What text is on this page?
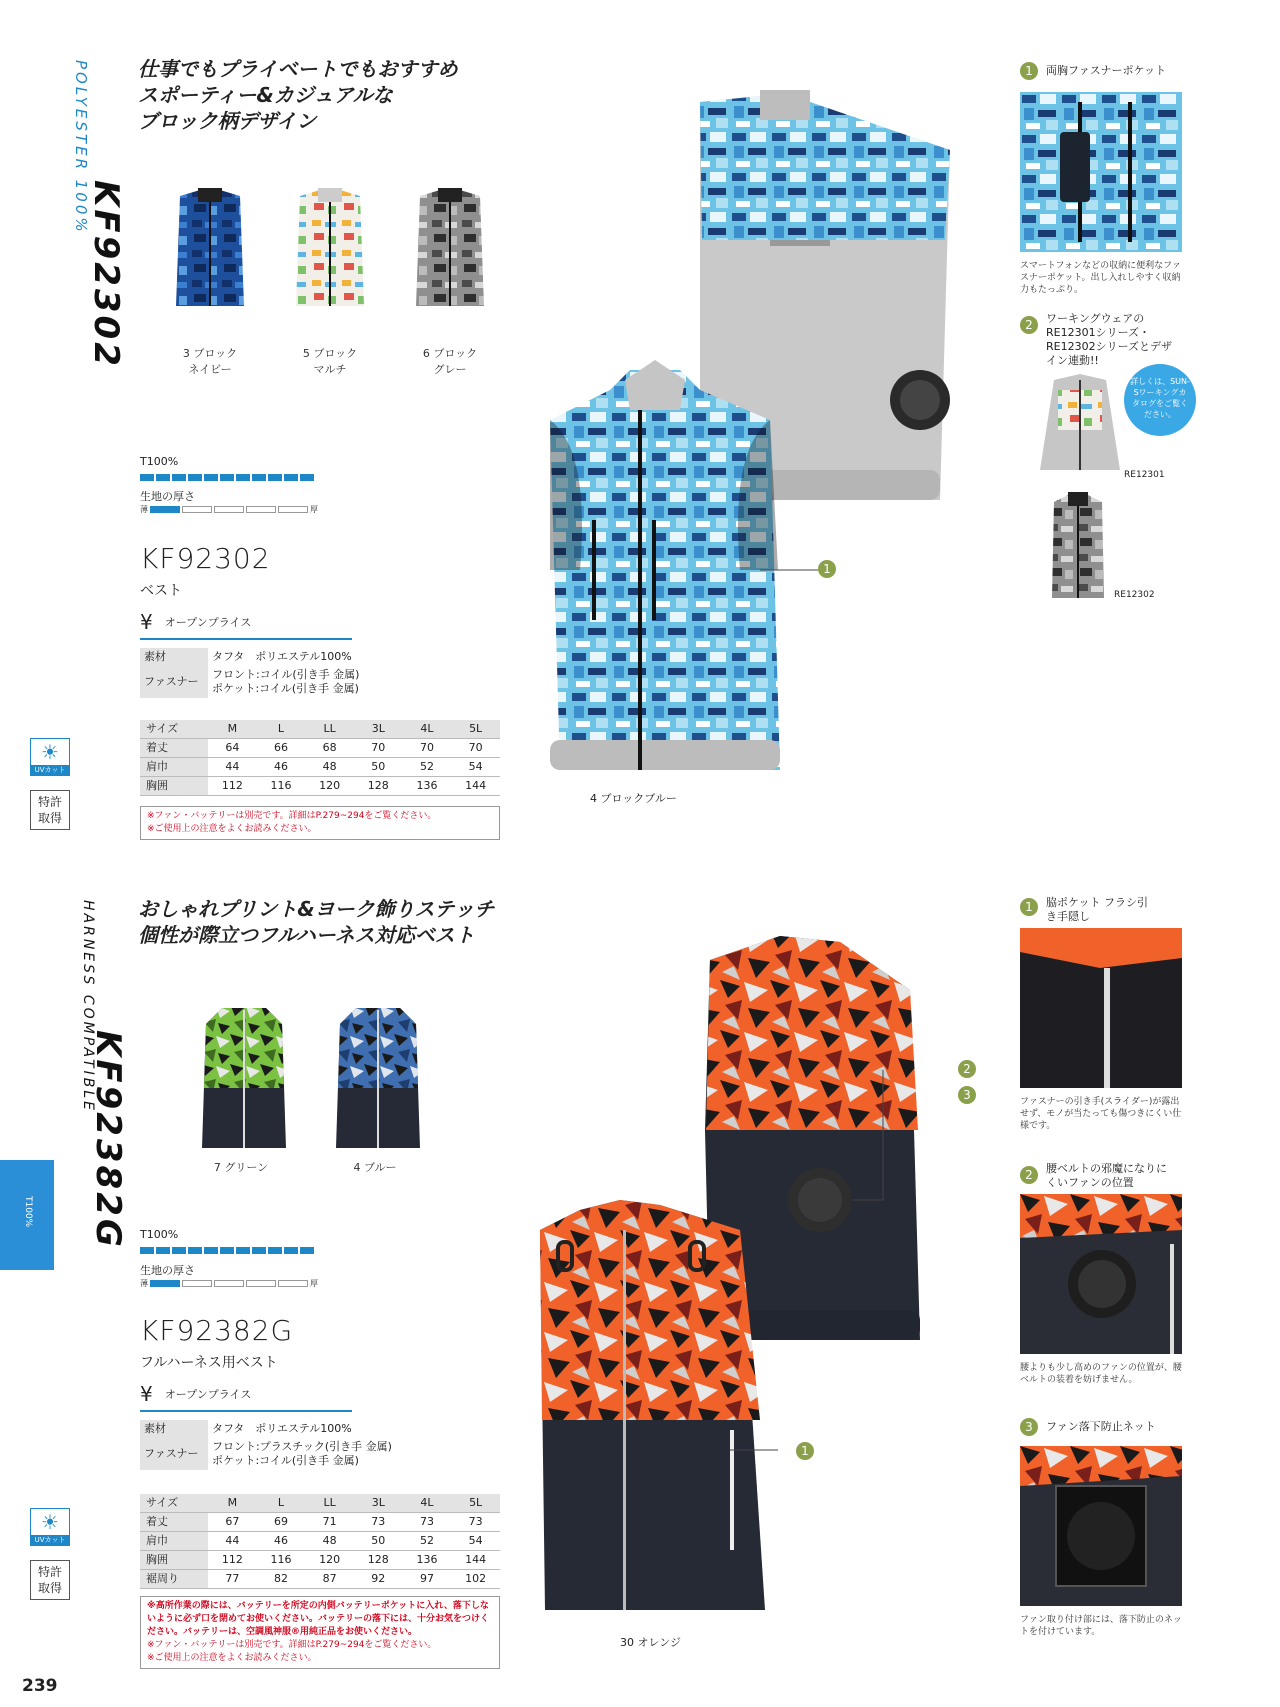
POLYESTER 100%
KF92302
仕事でもプライベートでもおすすめ
スポーティー&カジュアルな
ブロック柄デザイン
3 ブロック
ネイビー
5 ブロック
マルチ
6 ブロック
グレー
T100%
生地の厚さ
薄	厚
KF92302
ベスト
¥ オープンプライス
素材	タフタ　ポリエステル100%
ファスナー	フロント:コイル(引き手 金属)
ポケット:コイル(引き手 金属)
サイズ	M	L	LL	3L	4L	5L
着丈	64	66	68	70	70	70
肩巾	44	46	48	50	52	54
胸囲	112	116	120	128	136	144
※ファン・バッテリーは別売です。詳細はP.279~294をご覧ください。
※ご使用上の注意をよくお読みください。
☀
UVカット
特許
取得
1
4 ブロックブルー
1	両胸ファスナーポケット
スマートフォンなどの収納に便利なファスナーポケット。出し入れしやすく収納力もたっぷり。
2	ワーキングウェアのRE12301シリーズ・RE12302シリーズとデザイン連動!!
詳しくは、SUN-Sワーキングカタログをご覧ください。
RE12301
RE12302
HARNESS COMPATIBLE
KF92382G
おしゃれプリント&ヨーク飾りステッチ
個性が際立つフルハーネス対応ベスト
7 グリーン	4 ブルー
T100%
生地の厚さ
薄	厚
KF92382G
フルハーネス用ベスト
¥ オープンプライス
素材	タフタ　ポリエステル100%
ファスナー	フロント:プラスチック(引き手 金属)
ポケット:コイル(引き手 金属)
サイズ	M	L	LL	3L	4L	5L
着丈	67	69	71	73	73	73
肩巾	44	46	48	50	52	54
胸囲	112	116	120	128	136	144
裾周り	77	82	87	92	97	102
※高所作業の際には、バッテリーを所定の内側バッテリーポケットに入れ、落下しないように必ず口を閉めてお使いください。バッテリーの落下には、十分お気をつけください。バッテリーは、空調風神服®用純正品をお使いください。
※ファン・バッテリーは別売です。詳細はP.279~294をご覧ください。
※ご使用上の注意をよくお読みください。
☀
UVカット
特許
取得
T100%
239
1
2
3
30 オレンジ
1	脇ポケット フラシ引き手隠し
ファスナーの引き手(スライダー)が露出せず、モノが当たっても傷つきにくい仕様です。
2	腰ベルトの邪魔になりにくいファンの位置
腰よりも少し高めのファンの位置が、腰ベルトの装着を妨げません。
3	ファン落下防止ネット
ファン取り付け部には、落下防止のネットを付けています。
